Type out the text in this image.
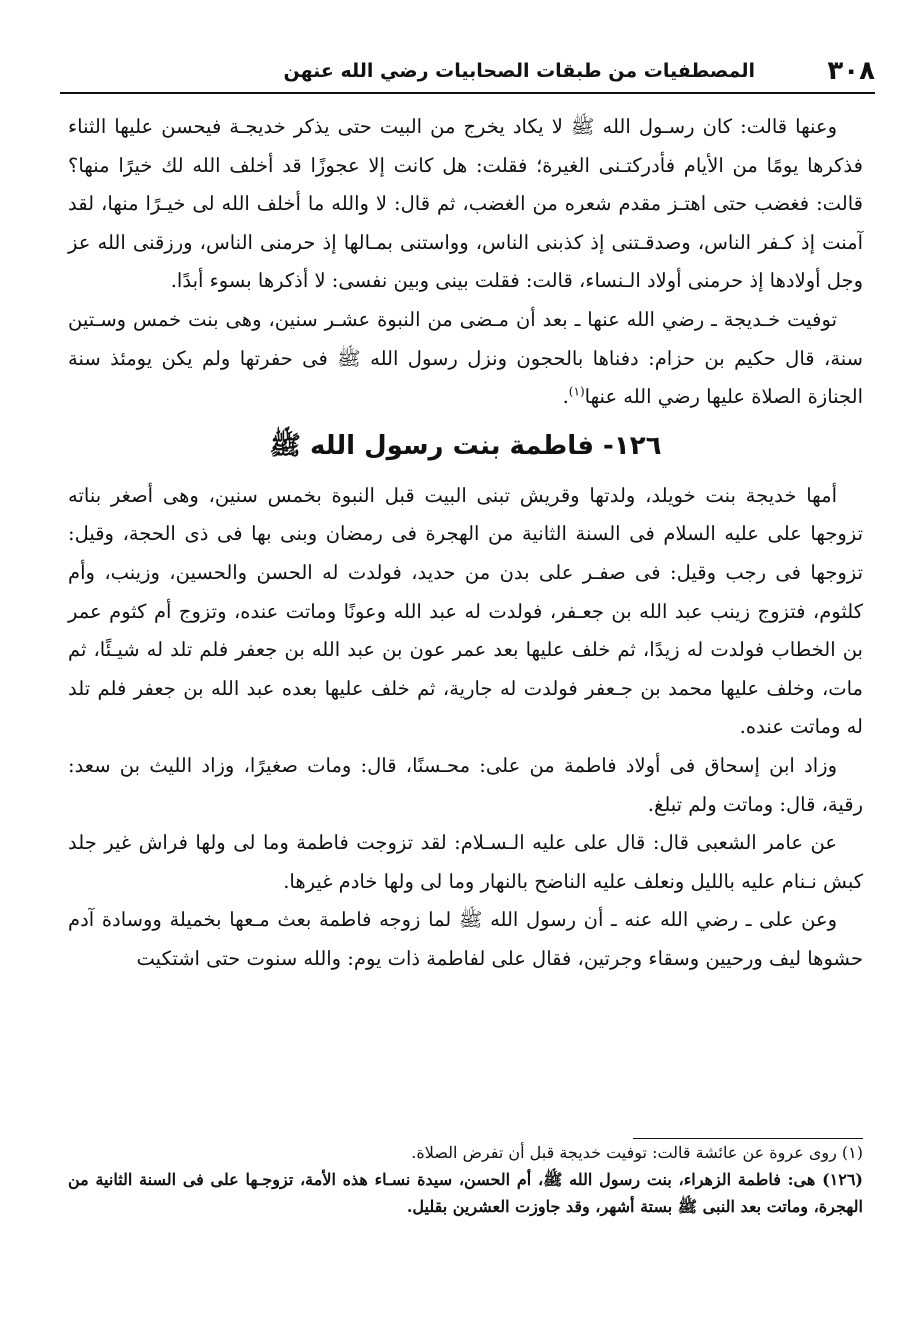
٣٠٨
المصطفيات من طبقات الصحابيات رضي الله عنهن

وعنها قالت: كان رسـول الله ﷺ لا يكاد يخرج من البيت حتى يذكر خديجـة فيحسن عليها الثناء فذكرها يومًا من الأيام فأدركتـنى الغيرة؛ فقلت: هل كانت إلا عجوزًا قد أخلف الله لك خيرًا منها؟ قالت: فغضب حتى اهتـز مقدم شعره من الغضب، ثم قال: لا والله ما أخلف الله لى خيـرًا منها، لقد آمنت إذ كـفر الناس، وصدقـتنى إذ كذبنى الناس، وواستنى بمـالها إذ حرمنى الناس، ورزقنى الله عز وجل أولادها إذ حرمنى أولاد الـنساء، قالت: فقلت بينى وبين نفسى: لا أذكرها بسوء أبدًا.

توفيت خـديجة ـ رضي الله عنها ـ بعد أن مـضى من النبوة عشـر سنين، وهى بنت خمس وسـتين سنة، قال حكيم بن حزام: دفناها بالحجون ونزل رسول الله ﷺ فى حفرتها ولم يكن يومئذ سنة الجنازة الصلاة عليها رضي الله عنها$^{(١)}$.

١٢٦- فاطمة بنت رسول الله ﷺ

أمها خديجة بنت خويلد، ولدتها وقريش تبنى البيت قبل النبوة بخمس سنين، وهى أصغر بناته تزوجها على عليه السلام فى السنة الثانية من الهجرة فى رمضان وبنى بها فى ذى الحجة، وقيل: تزوجها فى رجب وقيل: فى صفـر على بدن من حديد، فولدت له الحسن والحسين، وزينب، وأم كلثوم، فتزوج زينب عبد الله بن جعـفر، فولدت له عبد الله وعونًا وماتت عنده، وتزوج أم كثوم عمر بن الخطاب فولدت له زيدًا، ثم خلف عليها بعد عمر عون بن عبد الله بن جعفر فلم تلد له شيـئًا، ثم مات، وخلف عليها محمد بن جـعفر فولدت له جارية، ثم خلف عليها بعده عبد الله بن جعفر فلم تلد له وماتت عنده.

وزاد ابن إسحاق فى أولاد فاطمة من على: محـسنًا، قال: ومات صغيرًا، وزاد الليث بن سعد: رقية، قال: وماتت ولم تبلغ.

عن عامر الشعبى قال: قال على عليه الـسـلام: لقد تزوجت فاطمة وما لى ولها فراش غير جلد كبش نـنام عليه بالليل ونعلف عليه الناضح بالنهار وما لى ولها خادم غيرها.

وعن على ـ رضي الله عنه ـ أن رسول الله ﷺ لما زوجه فاطمة بعث مـعها بخميلة ووسادة آدم حشوها ليف ورحيين وسقاء وجرتين، فقال على لفاطمة ذات يوم: والله سنوت حتى اشتكيت

(١) روى عروة عن عائشة قالت: توفيت خديجة قبل أن تفرض الصلاة.

(١٢٦) هى: فاطمة الزهراء، بنت رسول الله ﷺ، أم الحسن، سيدة نسـاء هذه الأمة، تزوجـها على فى السنة الثانية من الهجرة، وماتت بعد النبى ﷺ بستة أشهر، وقد جاوزت العشرين بقليل.
